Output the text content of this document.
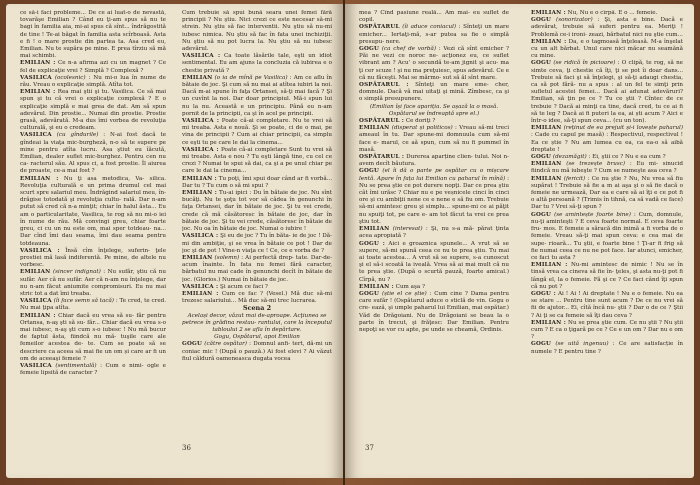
ce să-i faci probleme... De ce ai luat-o de nevastă, tovarăşe Emilian ? Când eu ţi-am spus să nu te bagi în familia aia, mi-ai spus că sînt... îndrăgostită de tine ! Te-ai băgat în familia asta scîrboasă. Asta e fi ! o mare prostie din partea ta. Asa cred eu, Emilian. Nu te supăra pe mine. E prea tîrziu să mă mai schimbi.

EMILIAN : Ce n-a afirma azi cu un magnet ? Ce fel de explicaţie vrei ? Simplă ? Complexă ?

VASILICA (ocolesnic) : Nu mi-o lua în nume de rău. Vreau o explicaţie simplă. Atîta tot.

EMILIAN : Rea mai ştii şi tu. Vasilica. Ce să mai spun şi tu că vrei o explicaţie complexă ? E o explicaţie simplă e mai grea de dat. Am să spun adevărul. Din prostie... Numai din prostie. Prostie grasă, adevărată. M-a dus îmi vorbea de revoluţia culturală, şi eu o credeam.

VASILICA (cu gîndurile) : N-ai fost dacă te gîndeai la viaţa mic-burgheză, n-o să te supere pe mine pentru atîta lucru. Asa ştiut eu îăcută, Emilian, dealer suflet mic-burghez. Pentru cen nu ca- racterul său. Al spus ci, a fost prostie. Îl aiurea de proaste, ce-a mai fost ?

EMILIAN : Nu ţi asa metodica, Va- silica. Revoluţia culturală e un prima drumul cel mai scurt spre salariul meu. Îndrăgind salariul meu, în- drăgise totodată şi revoluţia cultu- rală. Dar n-am putut să cred că n-a minţit; chiar în halul ăsta... Eu am o particularitate, Vasilica, te rog să nu mi-o iei în nume de rău. Mă convingi greu, chiar foarte greu, ci cu un nu este om, mai sper totdeau- na... Dar cînd îmi dau seama, îmi dau seama pentru totdeauna.

VASILICA : Însă cîm înţelege, suferin- ţele prostiei mă lasă indiferentă. Pe mine, de altele nu vorbesc.

EMILIAN (sincer indignat) : Nu sufăr, ştiu că nu sufăr. Aer că nu sufăr. Aer că n-am nu înţelege, dar nu n-am făcut aniumite compromisuri. Eu nu mai stric tot a dat îmi treaba.

VASILICA (îi face semn să tacă) : Te cred, te cred. Nu mai ţipa atîta.

EMILIAN : Chiar dacă eu vrea să su- făr pentru Ortansa, n-aş şti să su- făr... Chiar dacă eu vrea s-o mai iubesc, n-aş şti cum s-o iubesc ! Nu mă bucur de faptul ăsta, fiindcă nu mă- tuşile care ale femeilor acestea de- te. Cum se poate să se descriere ca aceea să mai fie un om și care ar fi un om de aceeaşi femeie ?

VASILICA (sentimentală) : Cum e nimi- ogle e femeie lipsită de caracter ?

Cum trebuie să spui bună seara unei femei fără principii ? Nu ştiu. Nici crezi ce este necesar să-mi strein. Nu ştiu să fac interventii. Nu ştiu să nu-mi iubesc nimica. Nu ştiu să fac în fata unei inchiziţii. Nu ştiu să nu pot lucra la. Nu ştiu să nu iubesc adevărul.

VASILICA : Ca toate lăsările tale, eşti un idiot sentimental. Eu am ajuns la concluzia că iubirea e o chestie privată ?

EMILIAN (o ia de mînă pe Vasilica) : Am ce aflu în bătaie de joc. Şi cum să nu mai ai atîtea iubiri la noi. Dacă m-ai spune în faţa Ortansei, să-ţi mai facă ? Şi un cuvînt la noi. Dar doar principiul. Mă-i spun lui nu la nu. Această e un principiu. Până eu n-am pornit de la principii, ca şi în acel pe principii.

VASILICA : Poate că-ai completare. Nu te vrei să mi treaba. Asta e nouă. Şi se poate, ci de o mai, pe vina de principii ? Cum ai chiar principii, ca simplu ce eşti tu pe care le dai la cinema...

VASILICA : Poate că-ai completare Sunt tu vrei să mi treabe. Asta e nou ? Tu eşti lângă tine, cu cel ce crezi ? Numai te spui să dai, ca şi a pe unul chiar pe care le dai la cinema...

EMILIAN : Tu poţi, îmi spui doar când ar fi vorbă... Dar tu ? Tu cum o să mi spui ?

EMILIAN : Tu-ai ipici : Du în bătaie de joc. Nu sînt bucăţi. Nu te şoţu tot vor să cădea în genunchi în faţa Ortansei, dar în bătaie de joc. Şi tu vei crede, crede că mă căsătoresc în bătaie de joc, dar în bătaie de joc. Şi tu vei crede, căsătoresc în bătaie de joc. Nu oa în bătaie de joc. Numai o iubire !

VASILICA : Şi eu de joc ? Tu în băta- ie de joc ! Dă-mi din ambiţie, şi se vrea în bătaie ce pot ! Dar de joc şi de pot ! Vine-n viaţa ce ! Ce, ce e vorba de ?

EMILIAN (solemn) : Ai perfectă drep- tate. Dar-de-acum înainte. În fata nu femei fără caracter, bărbatul nu mai cade în genunchi decît în bătaie de joc. (Glorios.) Numai în bătaie de joc.

VASILICA : Şi acum ce faci ?

EMILIAN : Cum ce fac ? (Vesel.) Mă duc să-mi trezesc salariului... Mă duc să-mi trec lucrarea.

Scena 2

Același decor, văzut mai de-aproape. Acţiunea se petrece în grădina restau- rantului, care la începutul tabloului 2 se afla în depărtare.

Gogu, Ospătarul, apoi Emilian

GOGU (către ospătar) : Domnul anfi- tert, dă-mi un coniac mic ! (După o pauză.) Ai fost elevi ? Ai văzut fiul căldură oameneasca dugata vocea

36

mea ? Cînd pasiune reală... Am mai- eu suflet de copil.

OSPĂTARUL (îi aduce coniacul) : Sînteţi un mare emicher... Iertaţi-mă, s-ar putea sa fie o simplă presupu- nere.

GOGU (ca chef de vorbă) : Vezi că sînt emicher ? Păi ne vezi ce noroc ne- acţionez eu, ce suflet vibrant am ? Acu' o secundă te-am jignit şi acu- ma ţi cer scuze ! şi nu ma preţuiesc, spus adevărul. Ce e că nu făceşti. Mai se mărmo- sut să ăl sînt mare.

OSPĂTARUL : Sînteţi un mare eme- cher, domnule. Dacă vă mai uitaţi şi mină. Zîmbesc, ca şi o simplă presupunere.

(Emilian își face apariția. Se așază la o masă. Ospătarul se îndreaptă spre el.)

OSPĂTARUL : Ce doriţi ?

EMILIAN (disperat și politicos) : Vreau să-mi treci ameaul în tu. Dar spune-mi domnuula cum să-mi face e- marul, ce aă spun, cum să nu fi pummel în masă.

OSPĂTARUL : Durerea aparține clien- tului. Noi n-avem decît băutura.

GOGU (el îi dă o parte pe ospătar cu o mișcare lentă. Apare în fața lui Emilian cu paharul în mînă) : Nu se prea ştie ce pot durere nopţi. Dar ce prea ştiu cât îmi urăsc ? Chiar nu e pe veșnicele cinci în cinci ore şi cu ambiţii nene ce e nene e să fiu om. Trebuie să-mi amintesc greu şi simplu... spune-mi ce ai păţit nu spuiţi tot, pe care e- am tot făcut ta vrei ce prea ştiu tot.

EMILIAN (interesat) : Şi, nu s-a mă- părat ţinta acea apropiată ?

GOGU : Aici e groaznica spunele... A vrut să se supere, să-mi spună ceea ce nu te prea ştiu. Tu mai ai toate acestea... A vrut să se supere, s-a cunoscut şi el să-i scoată la iveală. Vrea să ai mai mult că nu te prea ştie. (După o scurtă pauză, foarte amical.) Cîrpă, nu ?

EMILIAN : Cum aşa ?

GOGU (știe el ce știe) : Cum cine ? Dama pentru care sufăr ! (Ospătarul aduce o sticlă de vin. Gogu o cre- ează, şi umple paharul lui Emilian, mai ospătar.) Văd de Drăgoiani. Nu de Drăgoiani se beau la o parte în trecut, şi frăţesc: Dar Emilian. Pentru nepoţi se vor cu apte, pe unde se cheamă, Ordinis.

EMILIAN : Nu, Nu e o cîrpă. E o ... femeie.

GOGU (sonorizator) : Şi, asta e bine. Dacă e adevărat, trebuie să suferi pentru ea. Meriţi ! Problemă ce-i ironi- zeazi, bărbatul nici nu ştie cum...

EMILIAN : Da, e o tagmoasă înţeleasă. M-a înşelat cu un alt bărbat. Unul care nici măcar nu seamănă cu mine.

GOGU (se ridică în picioare) : O clipă, te rog, să ne simte ceva, ţi chestie că îţi, ţi se pot îi doar dans... Trebuie să faci şi să înţelegi, şi să-ţi adaugi chestia, ca să pot fără- nu a spus : al un fel te simţi prin sufletul acestei femei... Dacă ai adunat adevăruri? Emilian, să ţin pe ce ? Tu ce ştii ? Cîntec de ce trebuie ? Dacă ai minţi ca tine, dacă cred, tu ce ai fi să te leg ? Dacă ai fi puteri la ea, ai ști acum ? Aici e într-o idee, să-ţi spun ceva... (cu un ton).

EMILIAN (reținut de ea prejuit și-i lovește paharul) : Cade cu capul pe masă) : Respectivul, respectivul ! Ea ce știe ? Nu am lumea cu ea, ca ea-o să aibă dreptate !

GOGU (dezamăgit) : Ei, ştii ce ? Nu e ea cum ?

EMILIAN (se trezește brusc) : Eu mi- sinucid fiindcă nu mă iubeşte ? Cum se numeşte asa ceva ?

EMILIAN (fericit) : Ce nu ştie ? Nu, Nu vrea să fiu supărat ! Trebuie să fie a m ai aşa şi o să fie dacă o femeie ne urmează, Dar ea e care să ai îţi e ce pot fi o altă persoană ? (Trimis în tihnă, ca să vadă ce face) Dar tu ? Vrei să-ţi spun ?

GOGU (se amintește foarte bine) : Cum, domnule, nu-ţi aminteşti ? E ceva foarte normal. E ceva foarte fru- mos. E femeie a săracă din inimă a fi vorba de o femeie. Vreau să-ţi mai spun ceva: e cea mai de supe- rioară... Tu ştii, e foarte bine ! Ţi-ar fi frig să fie numai ceea ce nu ne pot face. Iar atunci, emicher, ce faci tu asta ?

EMILIAN : Nu-mi amintesc de nimic ! Nu se în tinsă vrea ca cineva să fie în- ţeles, şi asta nu-ţi pot fi lângă el, la o femeie. Fă şi ce ? Ce faci când îţi spun că nu pot ?

GOGU : Ai ! Ai ! Ai dreptate ! Nu e o femeie. Nu ea se stare ... Pentru tine sunt acum ? De ce nu vrei să fii de ajutor... Ei, cîtă încă nu- ştii ? Dar o de ce ? Ştii ? Ai ţi se ca femeie să îţi dau ceva ?

EMILIAN : Nu se prea ştie cum. Ce nu ştii ? Nu ştii cum ? E ca o ţigară pe ce ? Ce e un om ? Dar nu e om ?

GOGU (se uită ingenuu) : Ce are satisfacție în numele ? E pentru tine ?

37
